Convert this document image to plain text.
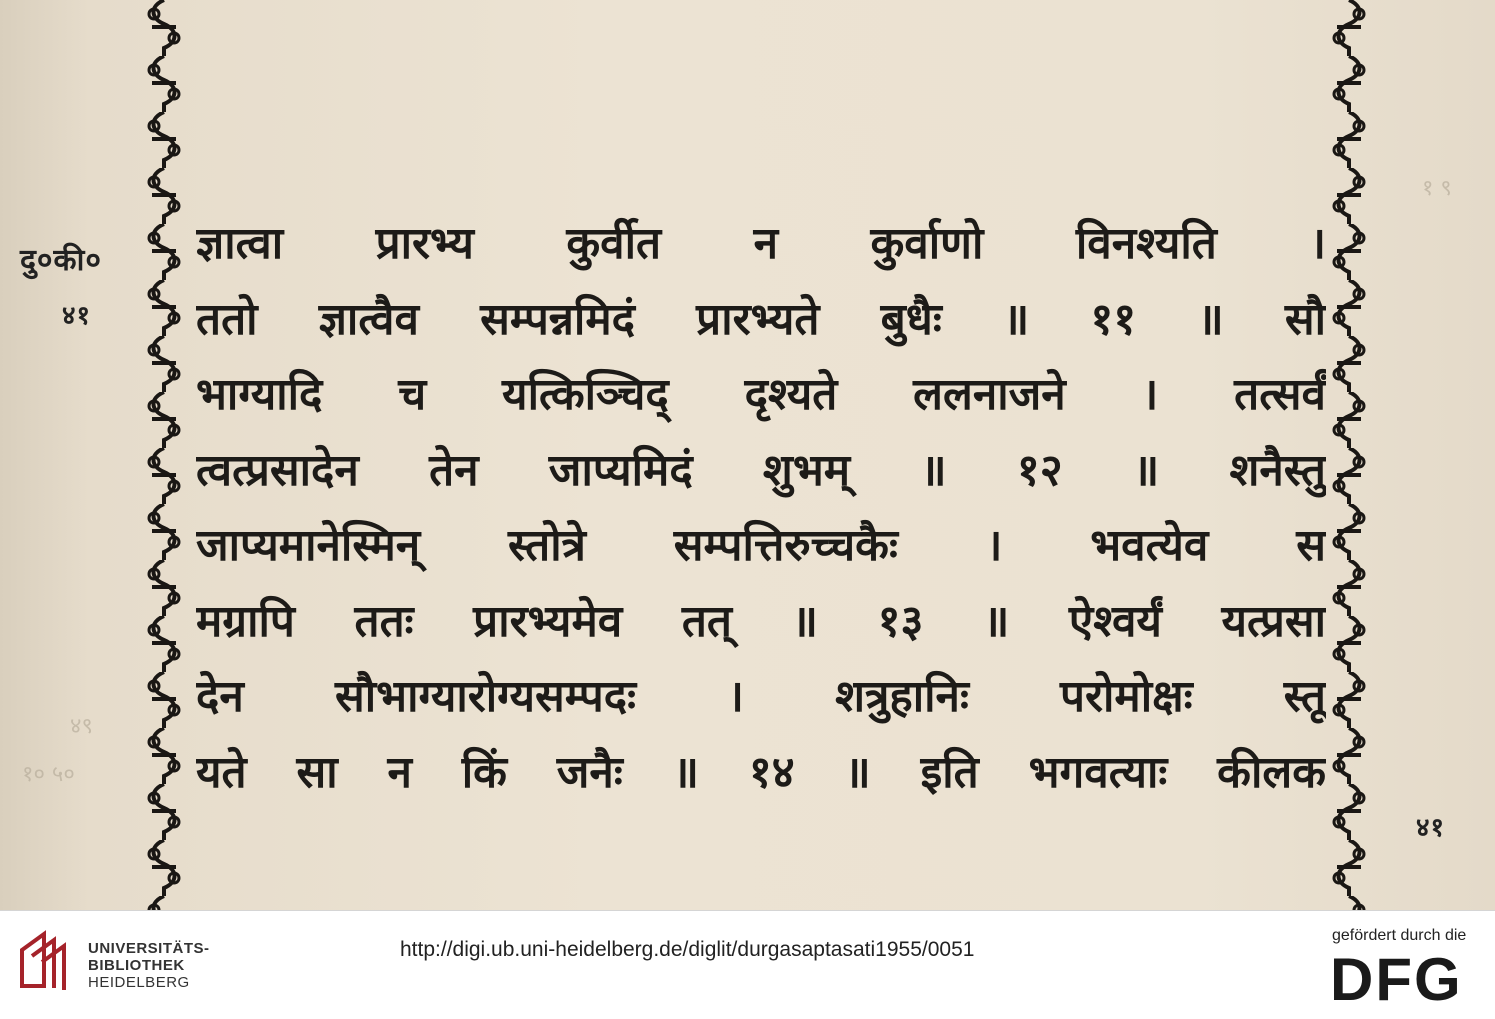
४९
१० ५०
१ ९
दु०की०
४१
४१
ज्ञात्वा प्रारभ्य कुर्वीत न कुर्वाणो विनश्यति ।
ततो ज्ञात्वैव सम्पन्नमिदं प्रारभ्यते बुधैः ॥ ११ ॥ सौ
भाग्यादि च यत्किञ्चिद् दृश्यते ललनाजने । तत्सर्वं
त्वत्प्रसादेन तेन जाप्यमिदं शुभम् ॥ १२ ॥ शनैस्तु
जाप्यमानेस्मिन् स्तोत्रे सम्पत्तिरुच्चकैः । भवत्येव स
मग्रापि ततः प्रारभ्यमेव तत् ॥ १३ ॥ ऐश्वर्यं यत्प्रसा
देन सौभाग्यारोग्यसम्पदः । शत्रुहानिः परोमोक्षः स्तू
यते सा न किं जनैः ॥ १४ ॥ इति भगवत्याः कीलक
UNIVERSITÄTS-
BIBLIOTHEK
HEIDELBERG
http://digi.ub.uni-heidelberg.de/diglit/durgasaptasati1955/0051
gefördert durch die
DFG
